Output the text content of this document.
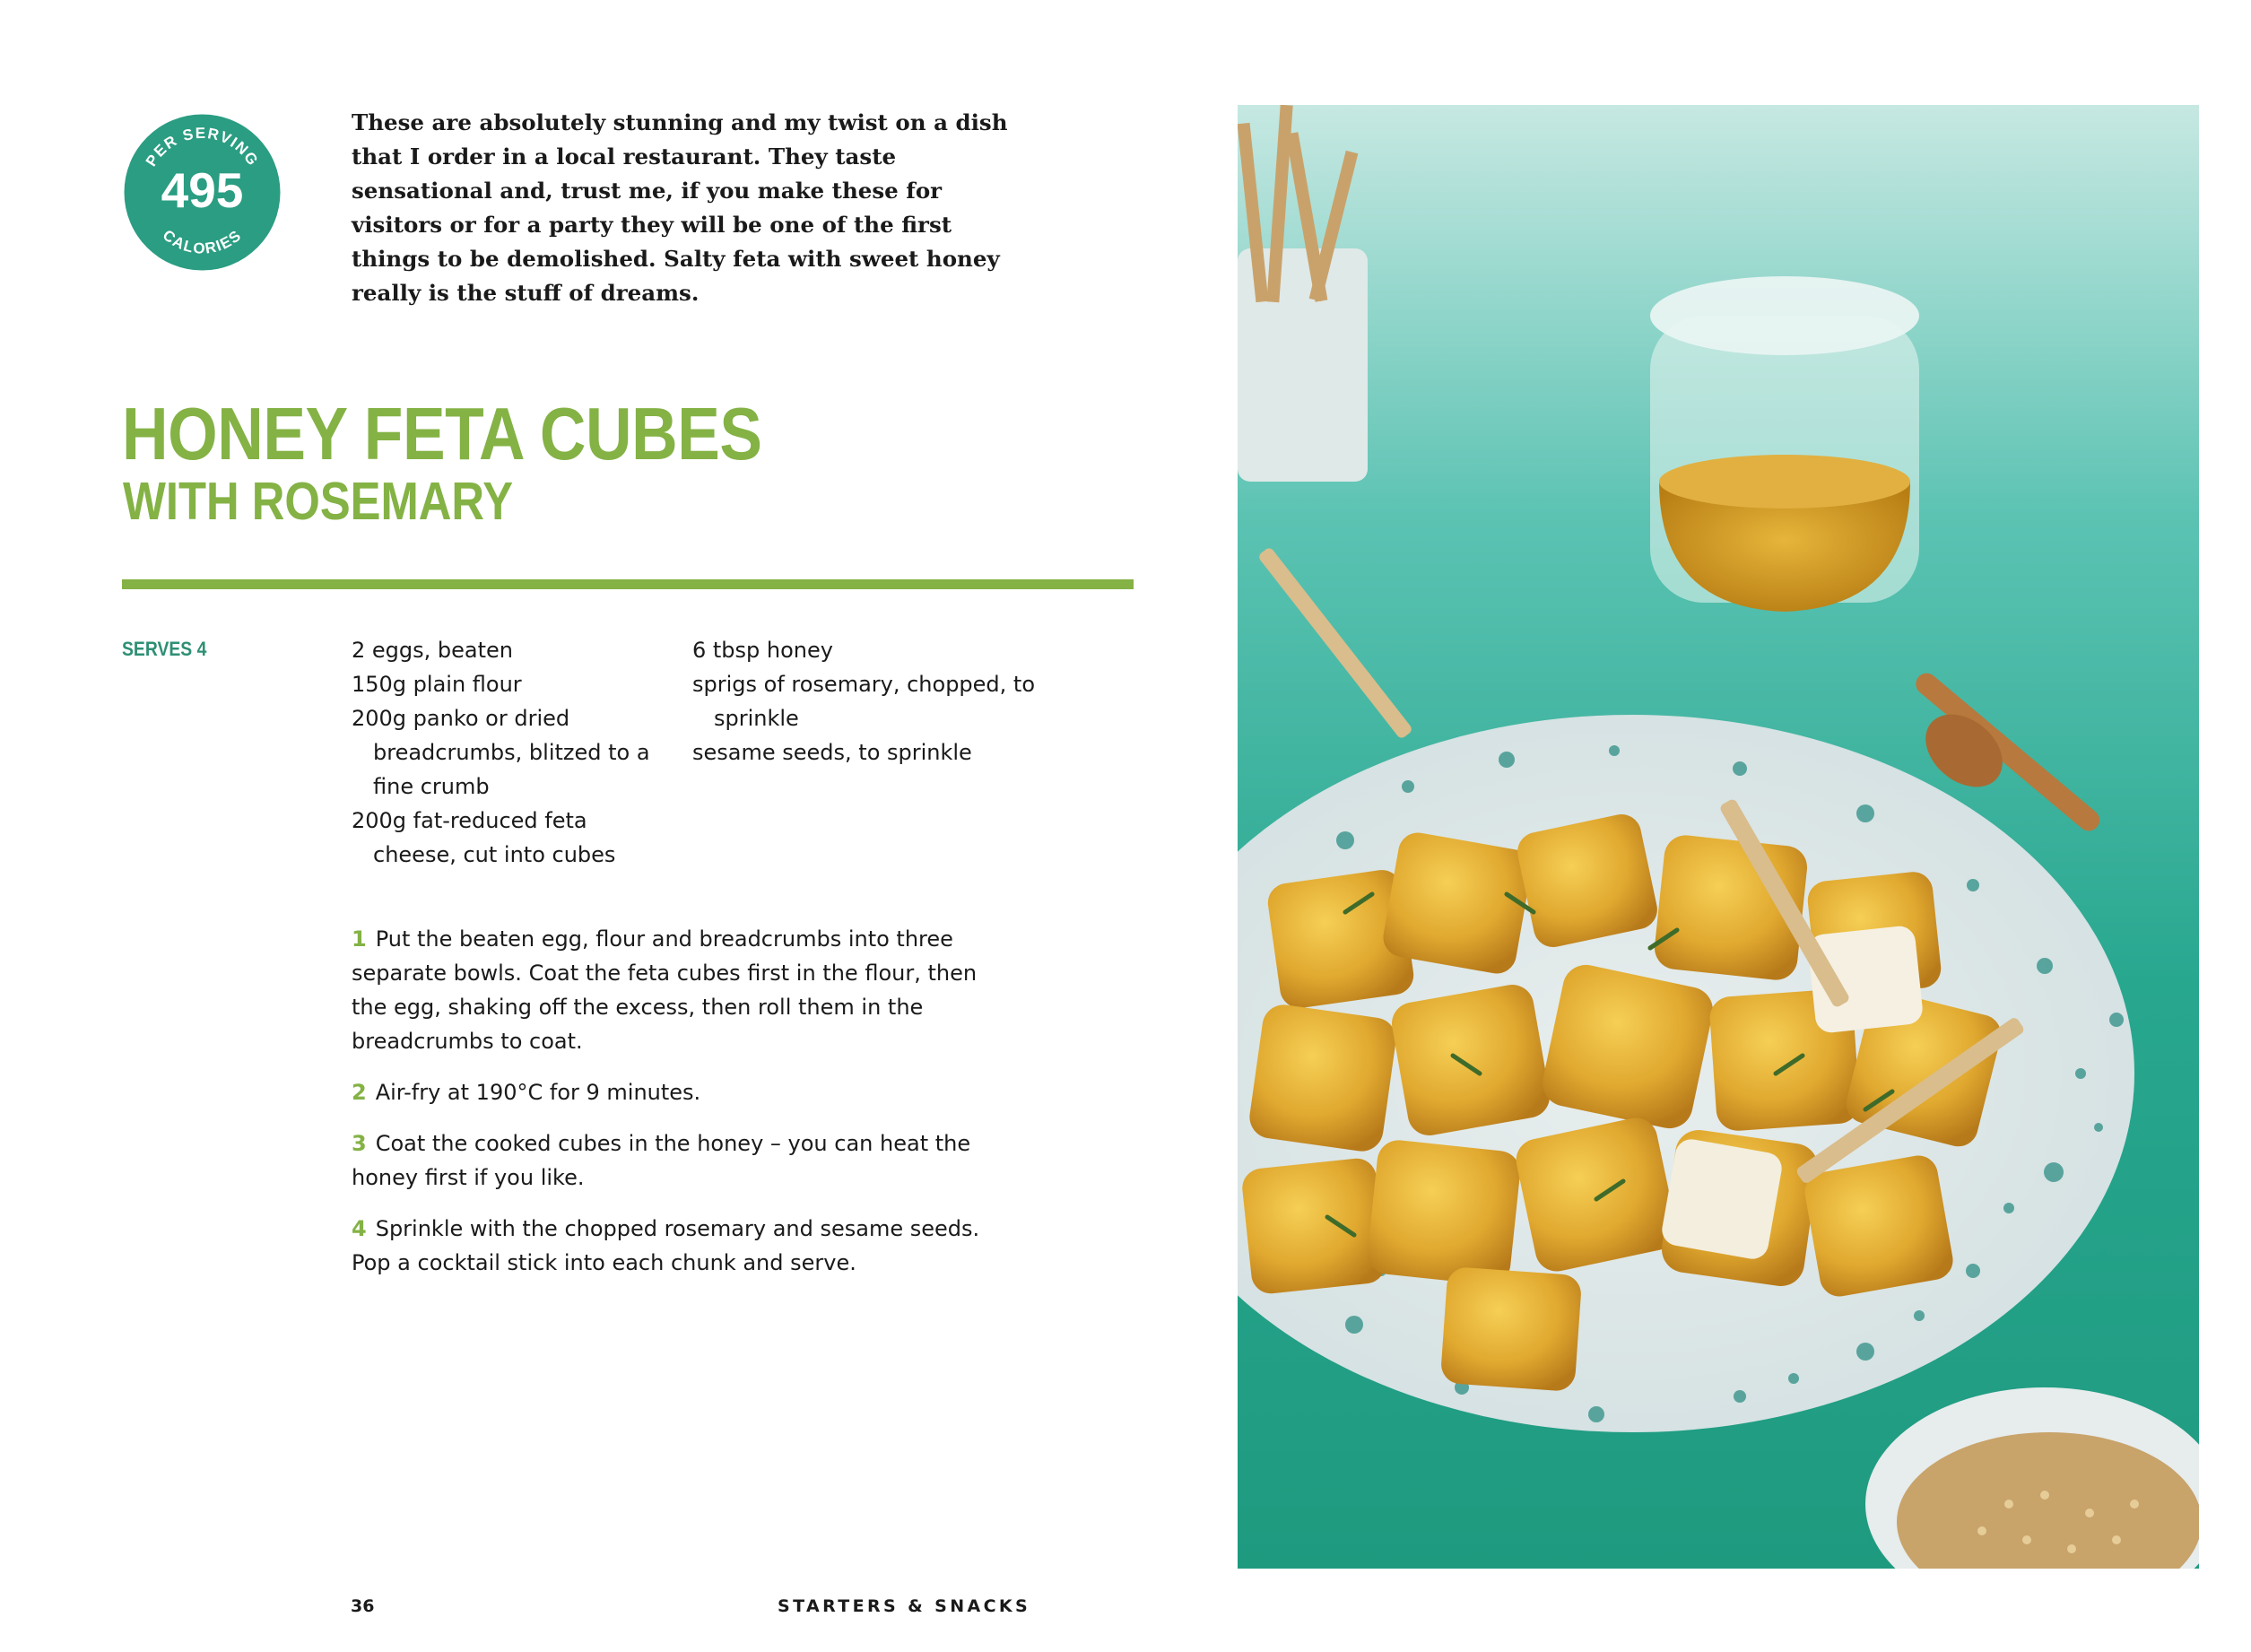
PER SERVING
495
CALORIES

These are absolutely stunning and my twist on a dish that I order in a local restaurant. They taste sensational and, trust me, if you make these for visitors or for a party they will be one of the first things to be demolished. Salty feta with sweet honey really is the stuff of dreams.

HONEY FETA CUBES
WITH ROSEMARY
SERVES 4	2 eggs, beaten
150g plain flour
200g panko or dried breadcrumbs, blitzed to a fine crumb
200g fat-reduced feta cheese, cut into cubes
6 tbsp honey
sprigs of rosemary, chopped, to sprinkle
sesame seeds, to sprinkle
1 Put the beaten egg, flour and breadcrumbs into three separate bowls. Coat the feta cubes first in the flour, then the egg, shaking off the excess, then roll them in the breadcrumbs to coat.
2 Air-fry at 190°C for 9 minutes.
3 Coat the cooked cubes in the honey – you can heat the honey first if you like.
4 Sprinkle with the chopped rosemary and sesame seeds. Pop a cocktail stick into each chunk and serve.
36	STARTERS & SNACKS
